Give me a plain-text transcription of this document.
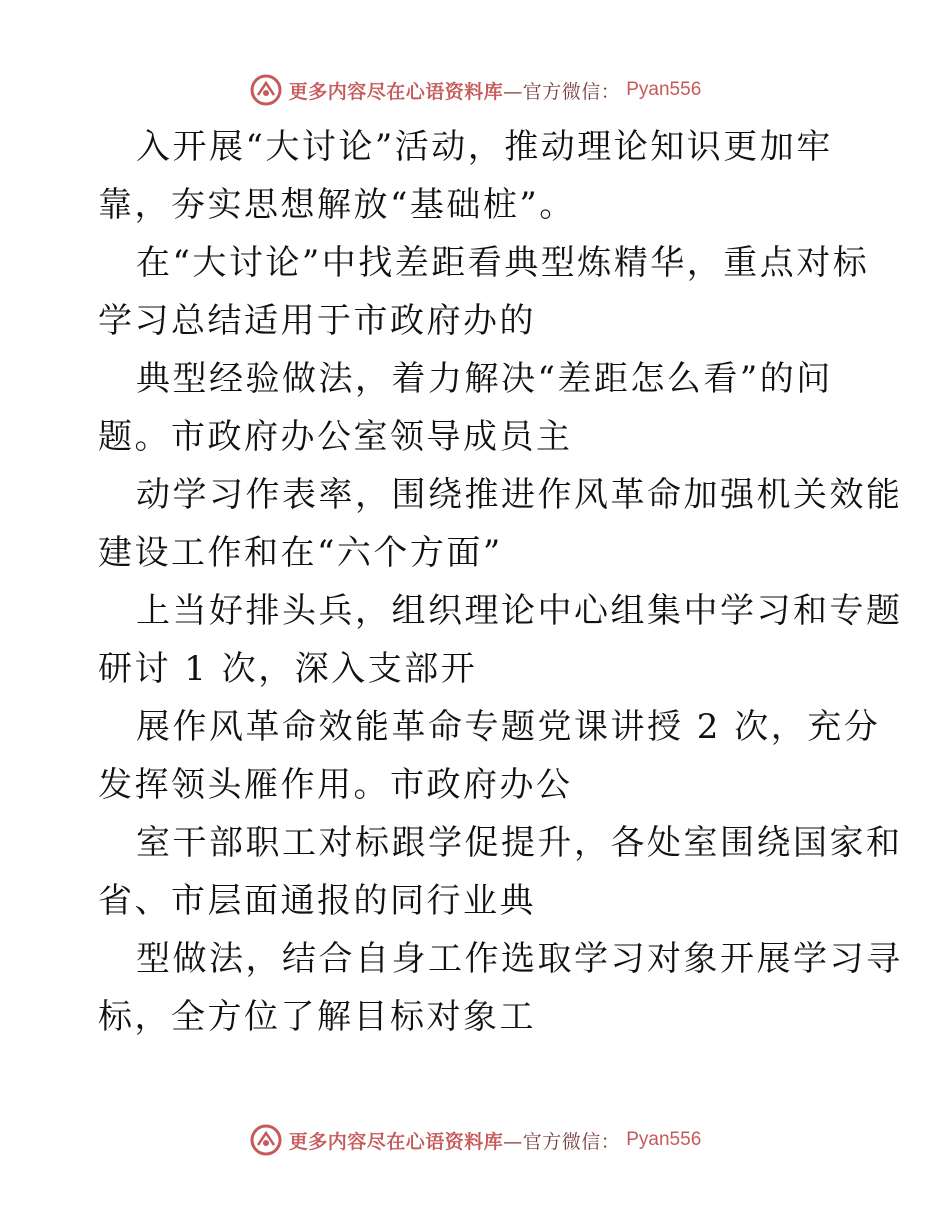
更多内容尽在心语资料库—官方微信： Pyan556
入开展“大讨论”活动，推动理论知识更加牢
靠，夯实思想解放“基础桩”。
在“大讨论”中找差距看典型炼精华，重点对标
学习总结适用于市政府办的
典型经验做法，着力解决“差距怎么看”的问
题。市政府办公室领导成员主
动学习作表率，围绕推进作风革命加强机关效能
建设工作和在“六个方面”
上当好排头兵，组织理论中心组集中学习和专题
研讨 1 次，深入支部开
展作风革命效能革命专题党课讲授 2 次，充分
发挥领头雁作用。市政府办公
室干部职工对标跟学促提升，各处室围绕国家和
省、市层面通报的同行业典
型做法，结合自身工作选取学习对象开展学习寻
标，全方位了解目标对象工
更多内容尽在心语资料库—官方微信： Pyan556
